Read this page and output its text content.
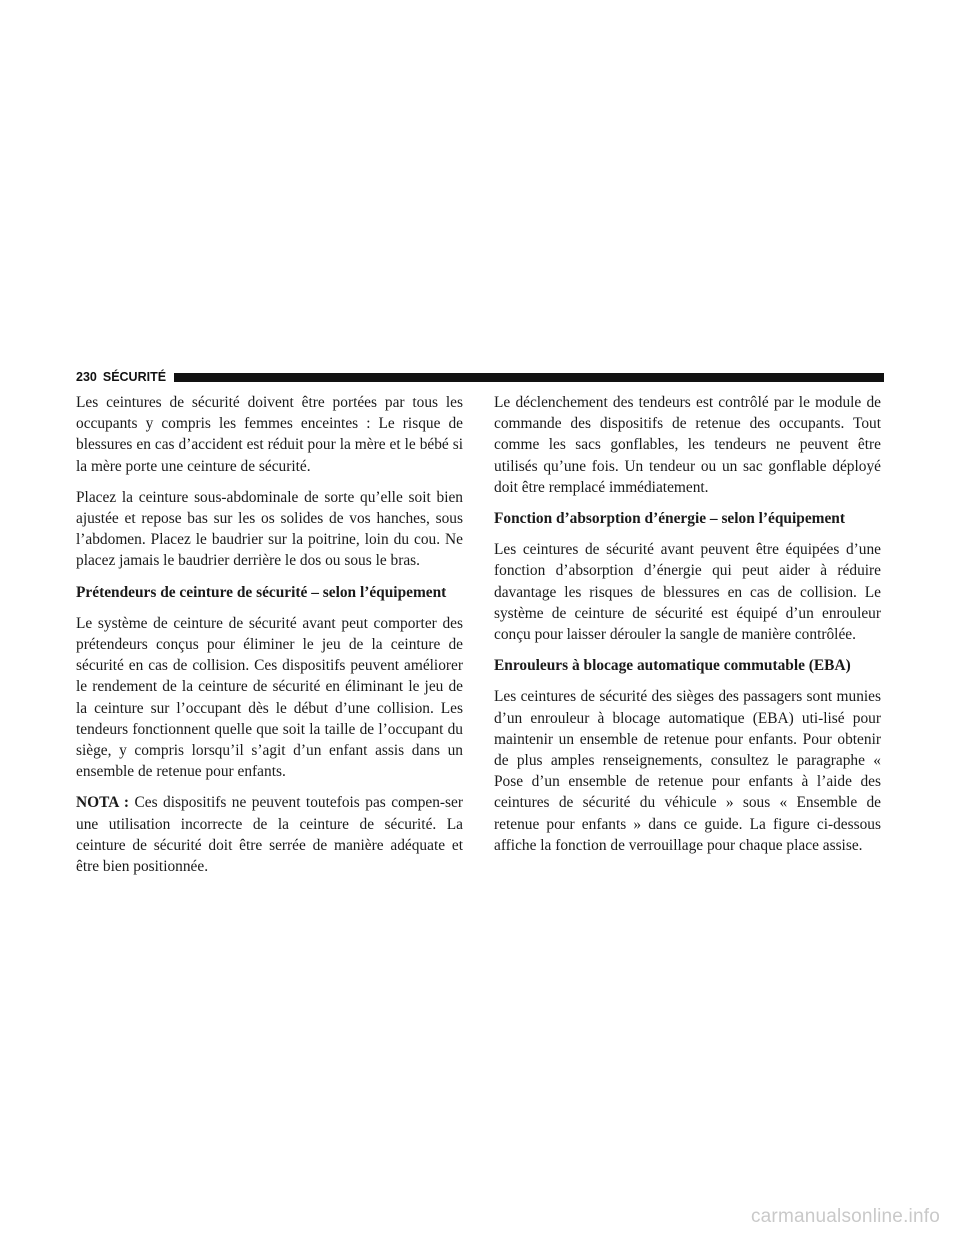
230 SÉCURITÉ

Les ceintures de sécurité doivent être portées par tous les occupants y compris les femmes enceintes : Le risque de blessures en cas d’accident est réduit pour la mère et le bébé si la mère porte une ceinture de sécurité.

Placez la ceinture sous-abdominale de sorte qu’elle soit bien ajustée et repose bas sur les os solides de vos hanches, sous l’abdomen. Placez le baudrier sur la poitrine, loin du cou. Ne placez jamais le baudrier derrière le dos ou sous le bras.

Prétendeurs de ceinture de sécurité – selon l’équipement

Le système de ceinture de sécurité avant peut comporter des prétendeurs conçus pour éliminer le jeu de la ceinture de sécurité en cas de collision. Ces dispositifs peuvent améliorer le rendement de la ceinture de sécurité en éliminant le jeu de la ceinture sur l’occupant dès le début d’une collision. Les tendeurs fonctionnent quelle que soit la taille de l’occupant du siège, y compris lorsqu’il s’agit d’un enfant assis dans un ensemble de retenue pour enfants.

NOTA : Ces dispositifs ne peuvent toutefois pas compen-ser une utilisation incorrecte de la ceinture de sécurité. La ceinture de sécurité doit être serrée de manière adéquate et être bien positionnée.

Le déclenchement des tendeurs est contrôlé par le module de commande des dispositifs de retenue des occupants. Tout comme les sacs gonflables, les tendeurs ne peuvent être utilisés qu’une fois. Un tendeur ou un sac gonflable déployé doit être remplacé immédiatement.

Fonction d’absorption d’énergie – selon l’équipement

Les ceintures de sécurité avant peuvent être équipées d’une fonction d’absorption d’énergie qui peut aider à réduire davantage les risques de blessures en cas de collision. Le système de ceinture de sécurité est équipé d’un enrouleur conçu pour laisser dérouler la sangle de manière contrôlée.

Enrouleurs à blocage automatique commutable (EBA)

Les ceintures de sécurité des sièges des passagers sont munies d’un enrouleur à blocage automatique (EBA) uti-lisé pour maintenir un ensemble de retenue pour enfants. Pour obtenir de plus amples renseignements, consultez le paragraphe « Pose d’un ensemble de retenue pour enfants à l’aide des ceintures de sécurité du véhicule » sous « Ensemble de retenue pour enfants » dans ce guide. La figure ci-dessous affiche la fonction de verrouillage pour chaque place assise.

carmanualsonline.info
